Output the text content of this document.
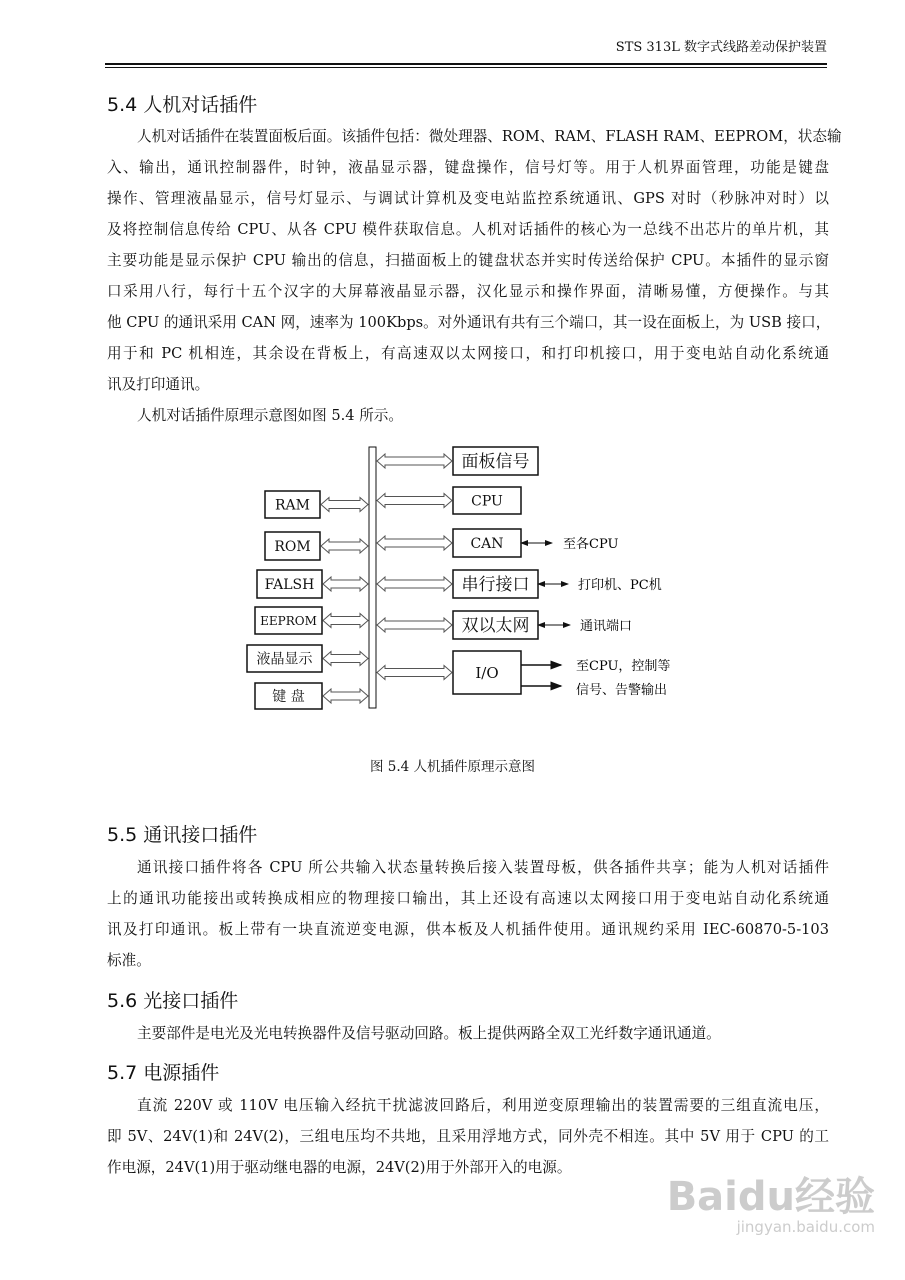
STS 313L 数字式线路差动保护装置
5.4 人机对话插件
人机对话插件在装置面板后面。该插件包括：微处理器、ROM、RAM、FLASH RAM、EEPROM，状态输
入、输出，通讯控制器件，时钟，液晶显示器，键盘操作，信号灯等。用于人机界面管理，功能是键盘
操作、管理液晶显示，信号灯显示、与调试计算机及变电站监控系统通讯、GPS 对时（秒脉冲对时）以
及将控制信息传给 CPU、从各 CPU 模件获取信息。人机对话插件的核心为一总线不出芯片的单片机，其
主要功能是显示保护 CPU 输出的信息，扫描面板上的键盘状态并实时传送给保护 CPU。本插件的显示窗
口采用八行，每行十五个汉字的大屏幕液晶显示器，汉化显示和操作界面，清晰易懂，方便操作。与其
他 CPU 的通讯采用 CAN 网，速率为 100Kbps。对外通讯有共有三个端口，其一设在面板上，为 USB 接口，
用于和 PC 机相连，其余设在背板上，有高速双以太网接口，和打印机接口，用于变电站自动化系统通
讯及打印通讯。
人机对话插件原理示意图如图 5.4 所示。
RAM
ROM
FALSH
EEPROM
液晶显示
键 盘
面板信号
CPU
CAN
串行接口
双以太网
I/O
至各CPU
打印机、PC机
通讯端口
至CPU，控制等
信号、告警输出
图 5.4 人机插件原理示意图
5.5 通讯接口插件
通讯接口插件将各 CPU 所公共输入状态量转换后接入装置母板，供各插件共享；能为人机对话插件
上的通讯功能接出或转换成相应的物理接口输出，其上还设有高速以太网接口用于变电站自动化系统通
讯及打印通讯。板上带有一块直流逆变电源，供本板及人机插件使用。通讯规约采用 IEC-60870-5-103
标准。
5.6 光接口插件
主要部件是电光及光电转换器件及信号驱动回路。板上提供两路全双工光纤数字通讯通道。
5.7 电源插件
直流 220V 或 110V 电压输入经抗干扰滤波回路后，利用逆变原理输出的装置需要的三组直流电压，
即 5V、24V(1)和 24V(2)，三组电压均不共地，且采用浮地方式，同外壳不相连。其中 5V 用于 CPU 的工
作电源，24V(1)用于驱动继电器的电源，24V(2)用于外部开入的电源。
Baidu经验
jingyan.baidu.com
